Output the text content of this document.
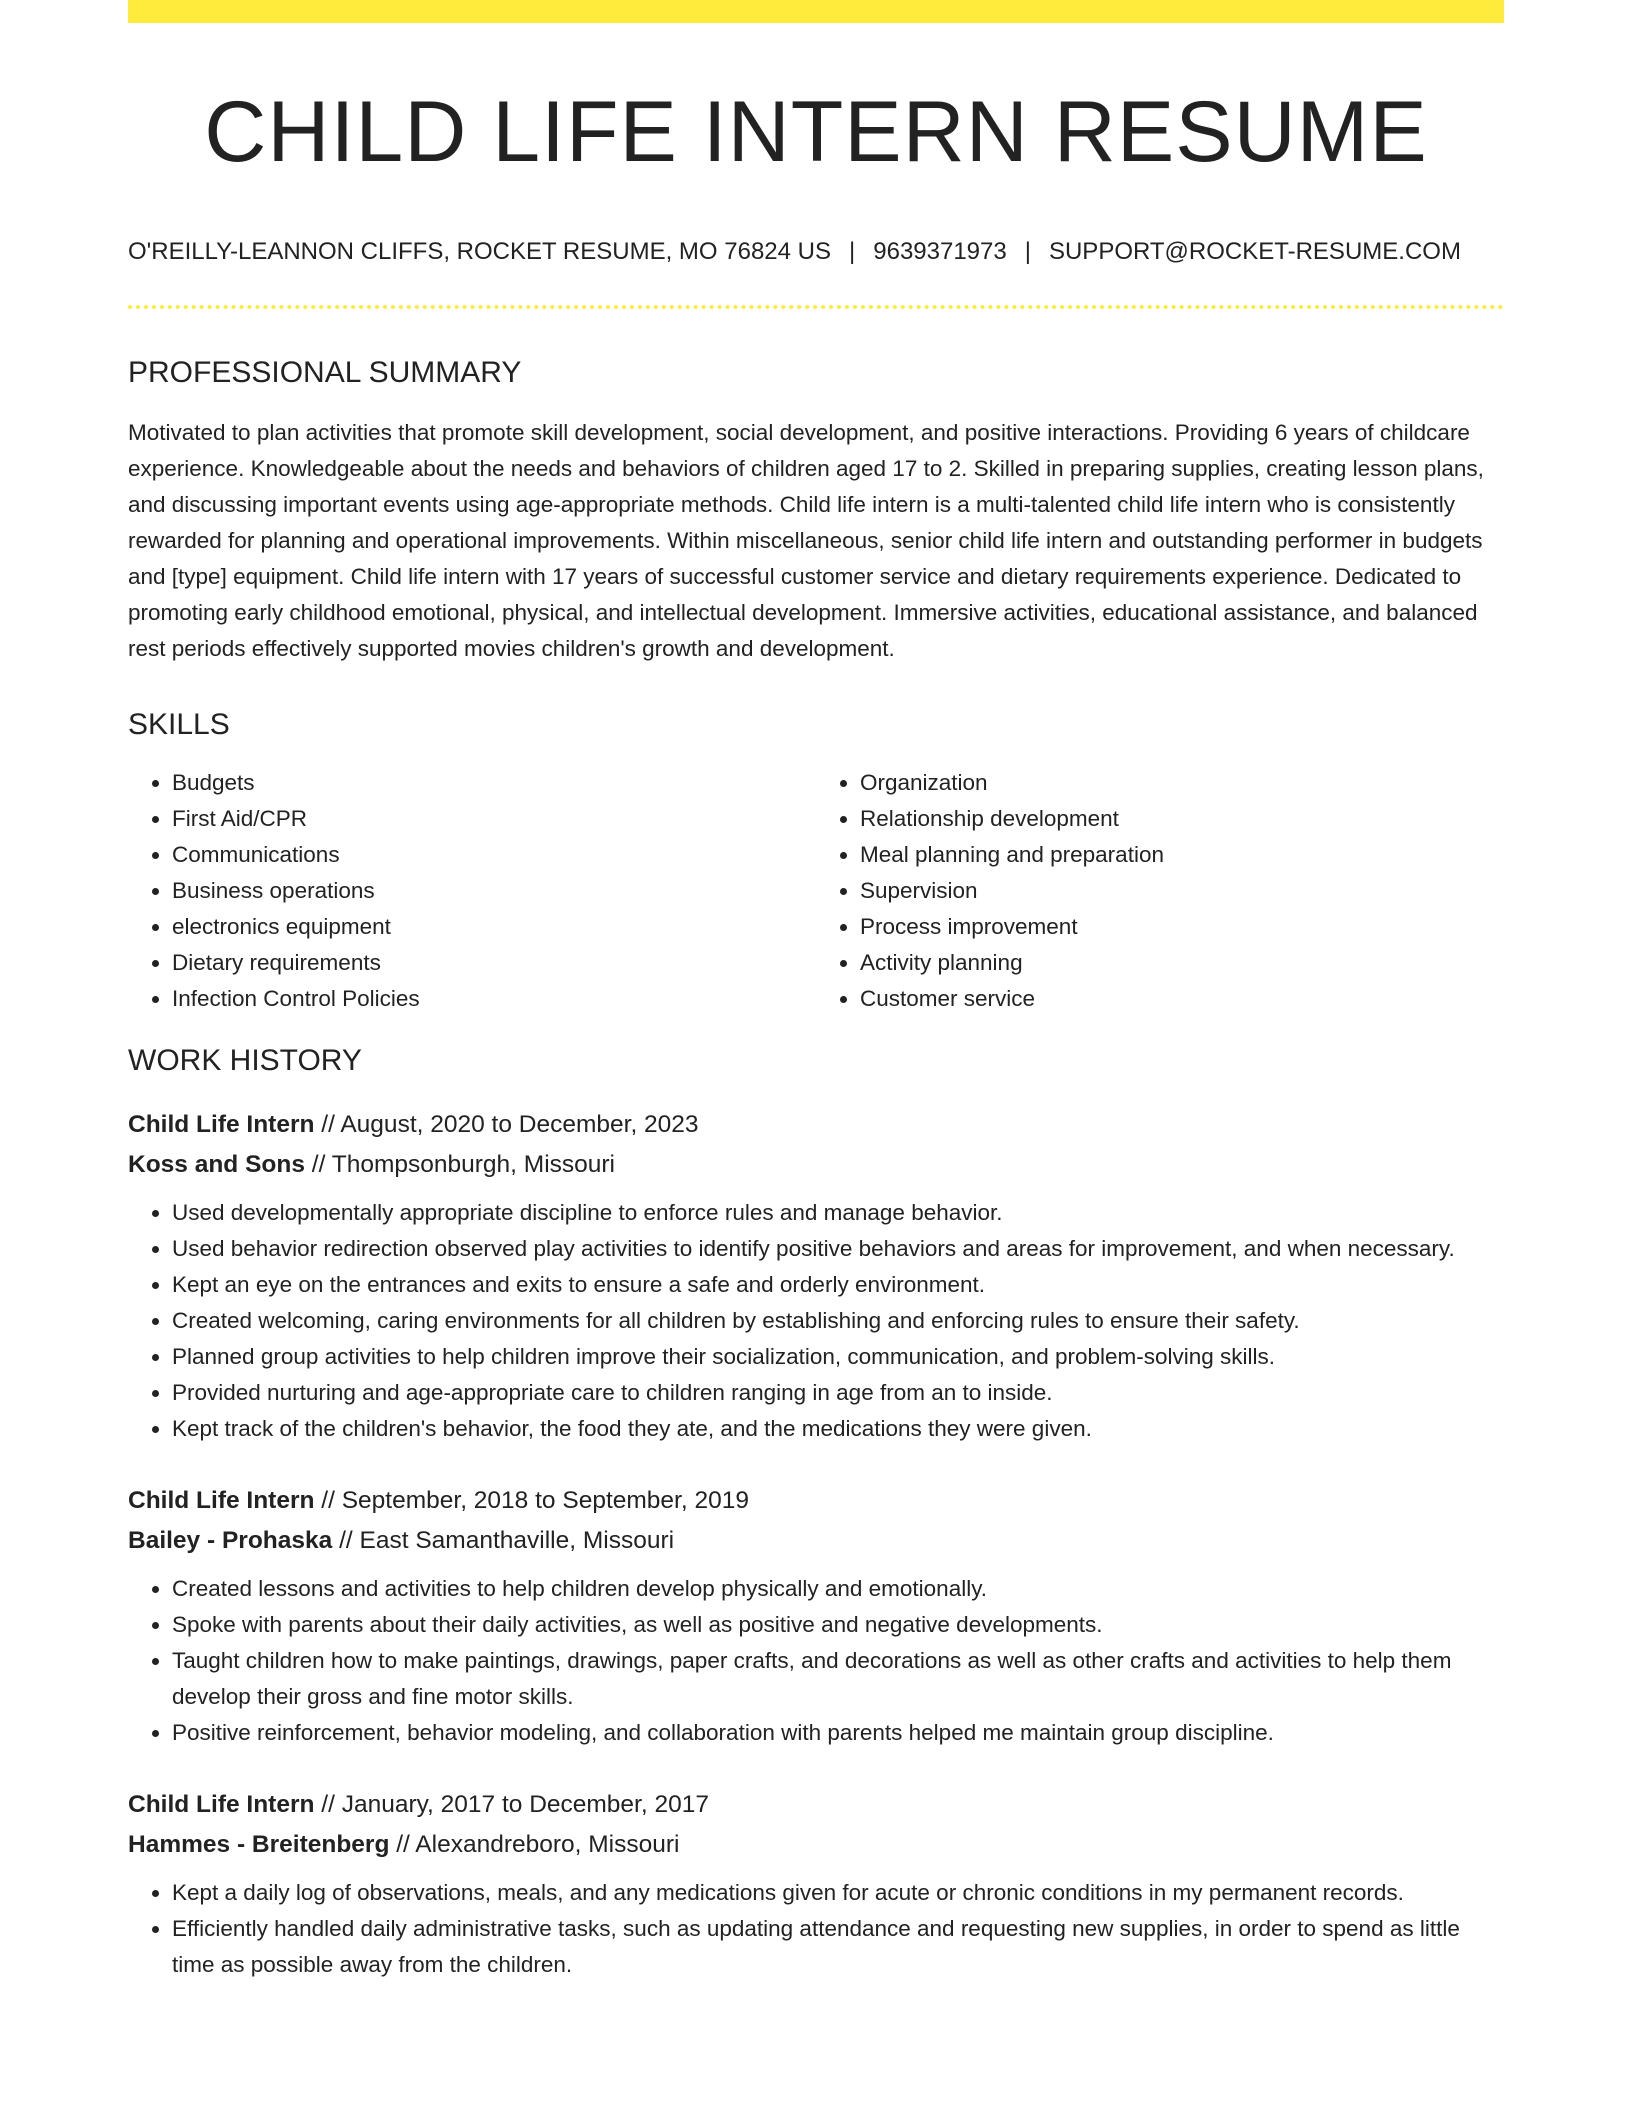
CHILD LIFE INTERN RESUME
O'REILLY-LEANNON CLIFFS, ROCKET RESUME, MO 76824 US | 9639371973 | SUPPORT@ROCKET-RESUME.COM
PROFESSIONAL SUMMARY

Motivated to plan activities that promote skill development, social development, and positive interactions. Providing 6 years of childcare experience. Knowledgeable about the needs and behaviors of children aged 17 to 2. Skilled in preparing supplies, creating lesson plans, and discussing important events using age-appropriate methods. Child life intern is a multi-talented child life intern who is consistently rewarded for planning and operational improvements. Within miscellaneous, senior child life intern and outstanding performer in budgets and [type] equipment. Child life intern with 17 years of successful customer service and dietary requirements experience. Dedicated to promoting early childhood emotional, physical, and intellectual development. Immersive activities, educational assistance, and balanced rest periods effectively supported movies children's growth and development.

SKILLS
• Budgets
• First Aid/CPR
• Communications
• Business operations
• electronics equipment
• Dietary requirements
• Infection Control Policies
• Organization
• Relationship development
• Meal planning and preparation
• Supervision
• Process improvement
• Activity planning
• Customer service
WORK HISTORY
Child Life Intern // August, 2020 to December, 2023
Koss and Sons // Thompsonburgh, Missouri
• Used developmentally appropriate discipline to enforce rules and manage behavior.
• Used behavior redirection observed play activities to identify positive behaviors and areas for improvement, and when necessary.
• Kept an eye on the entrances and exits to ensure a safe and orderly environment.
• Created welcoming, caring environments for all children by establishing and enforcing rules to ensure their safety.
• Planned group activities to help children improve their socialization, communication, and problem-solving skills.
• Provided nurturing and age-appropriate care to children ranging in age from an to inside.
• Kept track of the children's behavior, the food they ate, and the medications they were given.
Child Life Intern // September, 2018 to September, 2019
Bailey - Prohaska // East Samanthaville, Missouri
• Created lessons and activities to help children develop physically and emotionally.
• Spoke with parents about their daily activities, as well as positive and negative developments.
• Taught children how to make paintings, drawings, paper crafts, and decorations as well as other crafts and activities to help them develop their gross and fine motor skills.
• Positive reinforcement, behavior modeling, and collaboration with parents helped me maintain group discipline.
Child Life Intern // January, 2017 to December, 2017
Hammes - Breitenberg // Alexandreboro, Missouri
• Kept a daily log of observations, meals, and any medications given for acute or chronic conditions in my permanent records.
• Efficiently handled daily administrative tasks, such as updating attendance and requesting new supplies, in order to spend as little time as possible away from the children.
